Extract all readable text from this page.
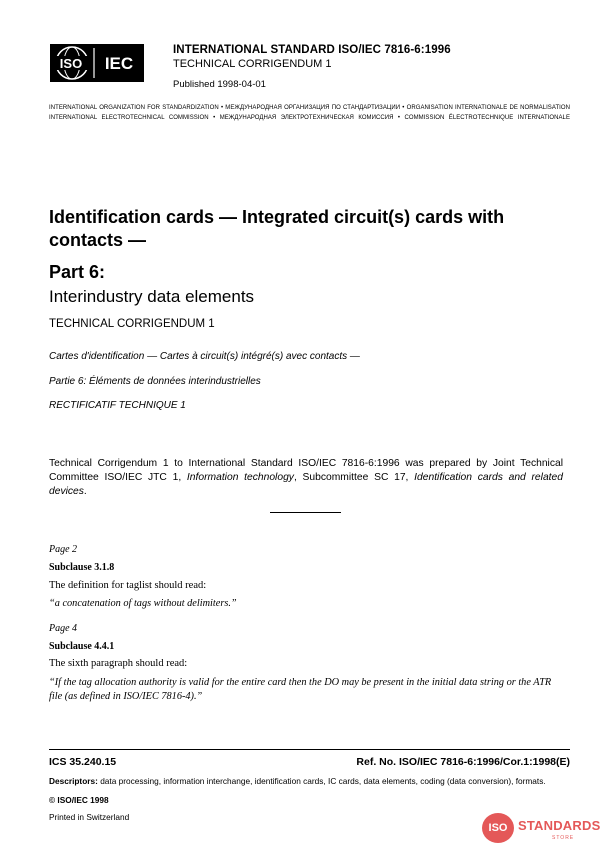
ISO IEC
INTERNATIONAL STANDARD ISO/IEC 7816-6:1996
TECHNICAL CORRIGENDUM 1
Published 1998-04-01
INTERNATIONAL ORGANIZATION FOR STANDARDIZATION • МЕЖДУНАРОДНАЯ ОРГАНИЗАЦИЯ ПО СТАНДАРТИЗАЦИИ • ORGANISATION INTERNATIONALE DE NORMALISATION
INTERNATIONAL ELECTROTECHNICAL COMMISSION • МЕЖДУНАРОДНАЯ ЭЛЕКТРОТЕХНИЧЕСКАЯ КОМИССИЯ • COMMISSION ÉLECTROTECHNIQUE INTERNATIONALE
Identification cards — Integrated circuit(s) cards with contacts —
Part 6:
Interindustry data elements
TECHNICAL CORRIGENDUM 1
Cartes d'identification — Cartes à circuit(s) intégré(s) avec contacts —
Partie 6: Éléments de données interindustrielles
RECTIFICATIF TECHNIQUE 1
Technical Corrigendum 1 to International Standard ISO/IEC 7816-6:1996 was prepared by Joint Technical Committee ISO/IEC JTC 1, Information technology, Subcommittee SC 17, Identification cards and related devices.
Page 2
Subclause 3.1.8
The definition for taglist should read:
“a concatenation of tags without delimiters.”
Page 4
Subclause 4.4.1
The sixth paragraph should read:
“If the tag allocation authority is valid for the entire card then the DO may be present in the initial data string or the ATR file (as defined in ISO/IEC 7816-4).”
ICS 35.240.15	Ref. No. ISO/IEC 7816-6:1996/Cor.1:1998(E)
Descriptors: data processing, information interchange, identification cards, IC cards, data elements, coding (data conversion), formats.
© ISO/IEC 1998
Printed in Switzerland
ISO STANDARDS
STORE
